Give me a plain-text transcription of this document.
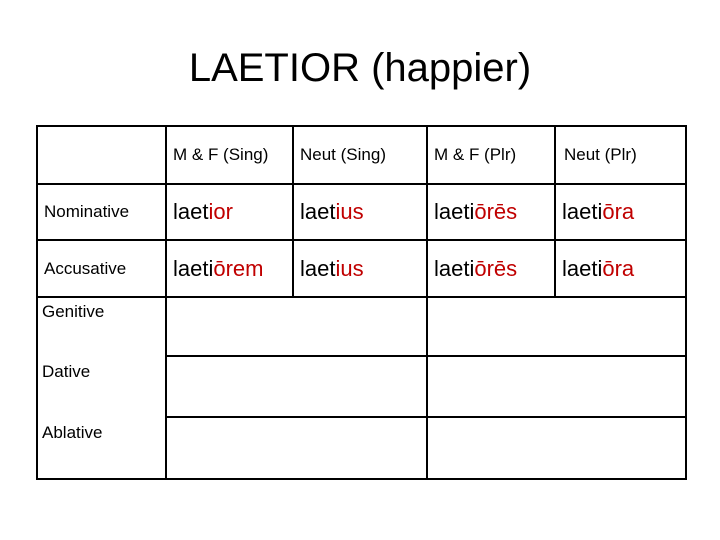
LAETIOR (happier)
	M & F (Sing)	Neut (Sing)	M & F (Plr)	Neut (Plr)
Nominative	laetior	laetius	laetiōrēs	laetiōra
Accusative	laetiōrem	laetius	laetiōrēs	laetiōra

Genitive
Dative
Ablative
